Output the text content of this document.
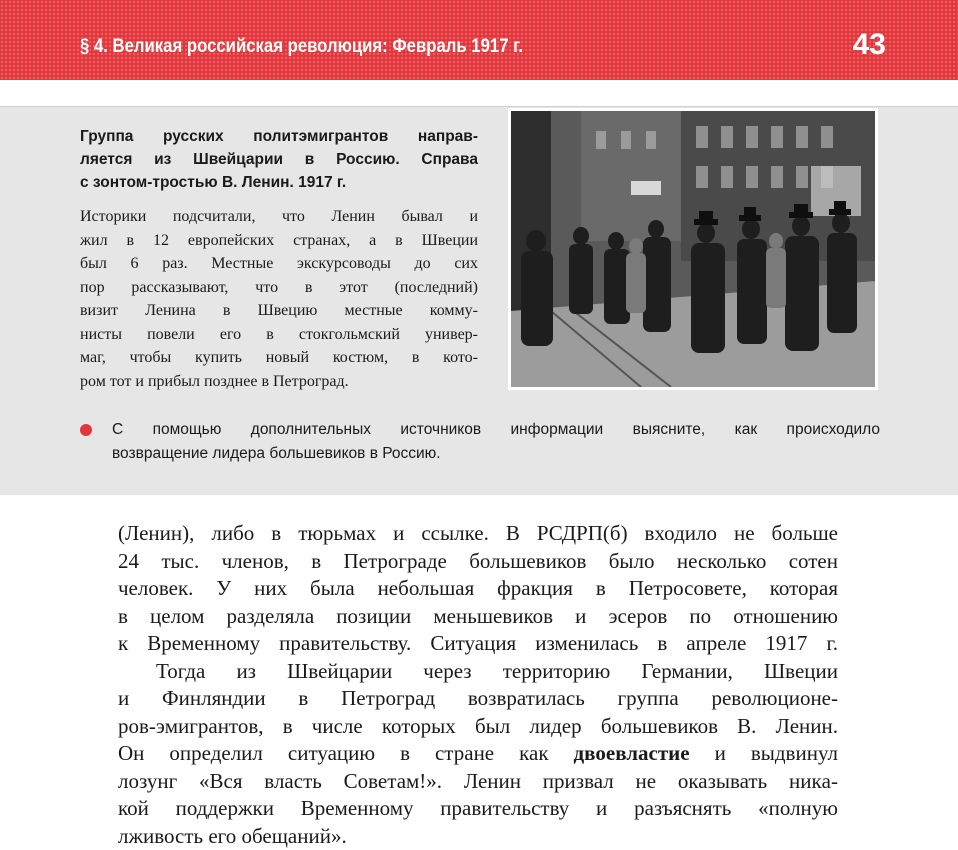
§ 4. Великая российская революция: Февраль 1917 г.	43
Группа русских политэмигрантов направ-
ляется из Швейцарии в Россию. Справа
с зонтом-тростью В. Ленин. 1917 г.
Историки подсчитали, что Ленин бывал и
жил в 12 европейских странах, а в Швеции
был 6 раз. Местные экскурсоводы до сих
пор рассказывают, что в этот (последний)
визит Ленина в Швецию местные комму-
нисты повели его в стокгольмский универ-
маг, чтобы купить новый костюм, в кото-
ром тот и прибыл позднее в Петроград.
С помощью дополнительных источников информации выясните, как происходило
возвращение лидера большевиков в Россию.

(Ленин), либо в тюрьмах и ссылке. В РСДРП(б) входило не больше
24 тыс. членов, в Петрограде большевиков было несколько сотен
человек. У них была небольшая фракция в Петросовете, которая
в целом разделяла позиции меньшевиков и эсеров по отношению
к Временному правительству. Ситуация изменилась в апреле 1917 г.

Тогда из Швейцарии через территорию Германии, Швеции
и Финляндии в Петроград возвратилась группа революционе-
ров-эмигрантов, в числе которых был лидер большевиков В. Ленин.
Он определил ситуацию в стране как двоевластие и выдвинул
лозунг «Вся власть Советам!». Ленин призвал не оказывать никa-
кой поддержки Временному правительству и разъяснять «полную
лживость его обещаний».
